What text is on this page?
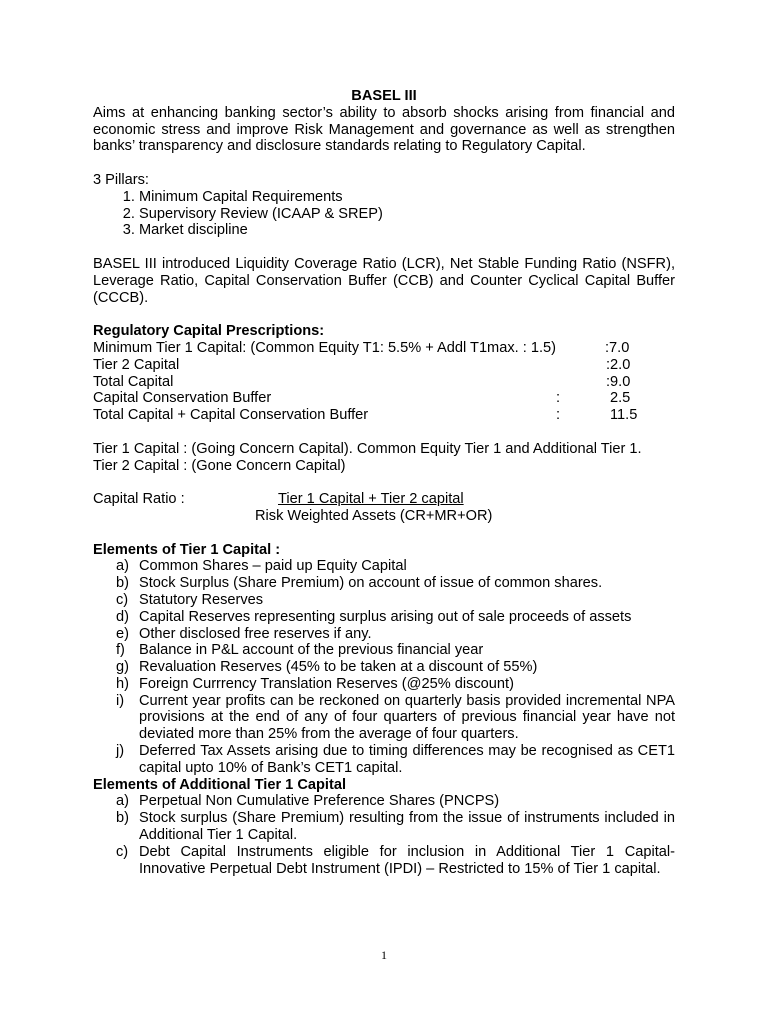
BASEL III
Aims at enhancing banking sector’s ability to absorb shocks arising from financial and economic stress and improve Risk Management and governance as well as strengthen banks’ transparency and disclosure standards relating to Regulatory Capital.
3 Pillars:
1. Minimum Capital Requirements
2. Supervisory Review (ICAAP & SREP)
3. Market discipline
BASEL III introduced Liquidity Coverage Ratio (LCR), Net Stable Funding Ratio (NSFR), Leverage Ratio, Capital Conservation Buffer (CCB) and Counter Cyclical Capital Buffer (CCCB).
Regulatory Capital Prescriptions:
Minimum Tier 1 Capital: (Common Equity T1: 5.5% + Addl T1max. : 1.5)	:7.0
Tier 2 Capital	:2.0
Total Capital	:9.0
Capital Conservation Buffer	:	2.5
Total Capital + Capital Conservation Buffer	:	11.5
Tier 1 Capital : (Going Concern Capital). Common Equity Tier 1 and Additional Tier 1.
Tier 2 Capital : (Gone Concern Capital)
Capital Ratio :	Tier 1 Capital + Tier 2 capital
Risk Weighted Assets (CR+MR+OR)
Elements of Tier 1 Capital :
a) Common Shares – paid up Equity Capital
b) Stock Surplus (Share Premium) on account of issue of common shares.
c) Statutory Reserves
d) Capital Reserves representing surplus arising out of sale proceeds of assets
e) Other disclosed free reserves if any.
f) Balance in P&L account of the previous financial year
g) Revaluation Reserves (45% to be taken at a discount of 55%)
h) Foreign Currrency Translation Reserves (@25% discount)
i) Current year profits can be reckoned on quarterly basis provided incremental NPA provisions at the end of any of four quarters of previous financial year have not deviated more than 25% from the average of four quarters.
j) Deferred Tax Assets arising due to timing differences may be recognised as CET1 capital upto 10% of Bank’s CET1 capital.
Elements of Additional Tier 1 Capital
a) Perpetual Non Cumulative Preference Shares (PNCPS)
b) Stock surplus (Share Premium) resulting from the issue of instruments included in Additional Tier 1 Capital.
c) Debt Capital Instruments eligible for inclusion in Additional Tier 1 Capital- Innovative Perpetual Debt Instrument (IPDI) – Restricted to 15% of Tier 1 capital.
1
